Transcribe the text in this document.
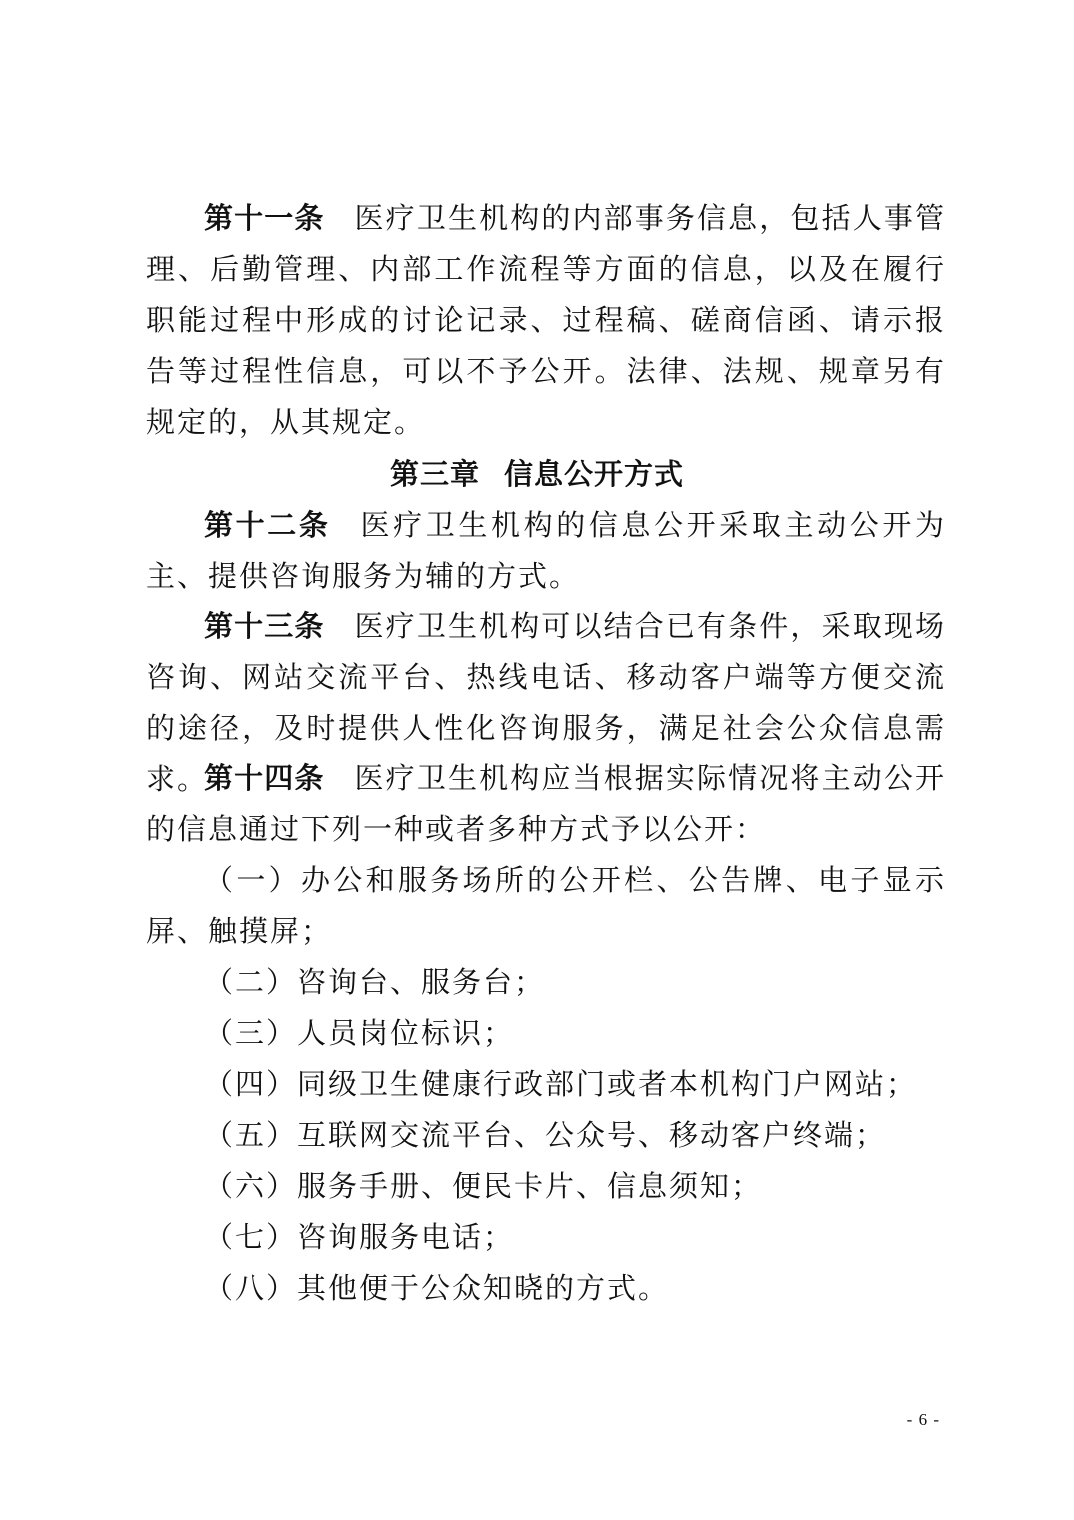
第十一条 医疗卫生机构的内部事务信息，包括人事管理、后勤管理、内部工作流程等方面的信息，以及在履行职能过程中形成的讨论记录、过程稿、磋商信函、请示报告等过程性信息，可以不予公开。法律、法规、规章另有规定的，从其规定。

第三章 信息公开方式

第十二条 医疗卫生机构的信息公开采取主动公开为主、提供咨询服务为辅的方式。

第十三条 医疗卫生机构可以结合已有条件，采取现场咨询、网站交流平台、热线电话、移动客户端等方便交流的途径，及时提供人性化咨询服务，满足社会公众信息需求。

第十四条 医疗卫生机构应当根据实际情况将主动公开的信息通过下列一种或者多种方式予以公开：

（一）办公和服务场所的公开栏、公告牌、电子显示屏、触摸屏；

（二）咨询台、服务台；

（三）人员岗位标识；

（四）同级卫生健康行政部门或者本机构门户网站；

（五）互联网交流平台、公众号、移动客户终端；

（六）服务手册、便民卡片、信息须知；

（七）咨询服务电话；

（八）其他便于公众知晓的方式。

- 6 -
